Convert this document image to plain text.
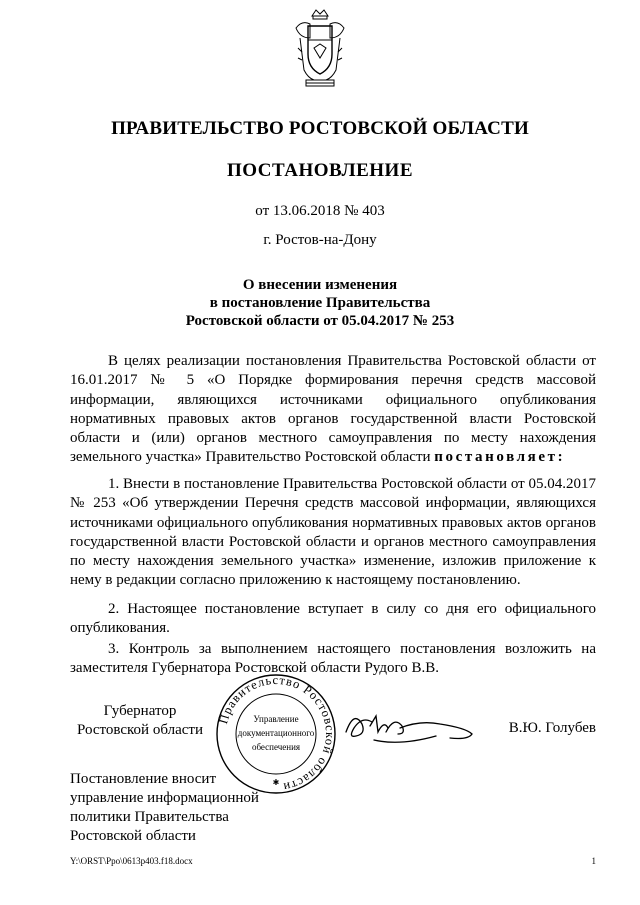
ПРАВИТЕЛЬСТВО РОСТОВСКОЙ ОБЛАСТИ
ПОСТАНОВЛЕНИЕ
от 13.06.2018 № 403
г. Ростов-на-Дону
О внесении изменения
в постановление Правительства
Ростовской области от 05.04.2017 № 253
В целях реализации постановления Правительства Ростовской области от 16.01.2017 № 5 «О Порядке формирования перечня средств массовой информации, являющихся источниками официального опубликования нормативных правовых актов органов государственной власти Ростовской области и (или) органов местного самоуправления по месту нахождения земельного участка» Правительство Ростовской области постановляет:
1. Внести в постановление Правительства Ростовской области от 05.04.2017 № 253 «Об утверждении Перечня средств массовой информации, являющихся источниками официального опубликования нормативных правовых актов органов государственной власти Ростовской области и органов местного самоуправления по месту нахождения земельного участка» изменение, изложив приложение к нему в редакции согласно приложению к настоящему постановлению.
2. Настоящее постановление вступает в силу со дня его официального опубликования.
3. Контроль за выполнением настоящего постановления возложить на заместителя Губернатора Ростовской области Рудого В.В.
Губернатор
Ростовской области
Правительство Ростовской области
Управление
документационного
обеспечения
✱
В.Ю. Голубев
Постановление вносит
управление информационной
политики Правительства
Ростовской области
Y:\ORST\Ppo\0613p403.f18.docx	1
